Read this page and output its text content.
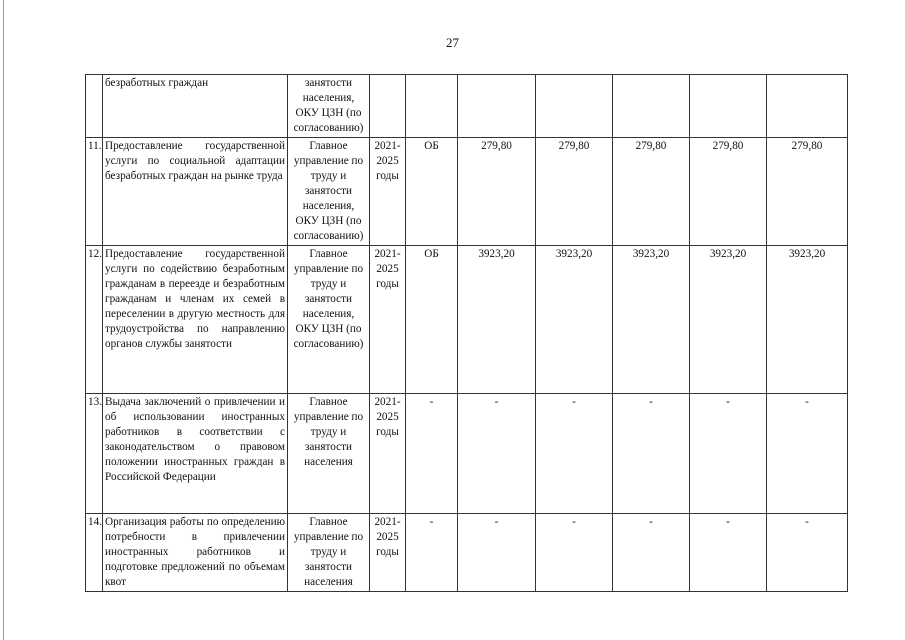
27
	безработных граждан	занятости населения, ОКУ ЦЗН (по согласованию)							
11.	Предоставление государственной услуги по социальной адаптации безработных граждан на рынке труда	Главное управление по труду и занятости населения, ОКУ ЦЗН (по согласованию)	2021-2025 годы	ОБ	279,80	279,80	279,80	279,80	279,80
12.	Предоставление государственной услуги по содействию безработным гражданам в переезде и безработным гражданам и членам их семей в переселении в другую местность для трудоустройства по направлению органов службы занятости	Главное управление по труду и занятости населения, ОКУ ЦЗН (по согласованию)	2021-2025 годы	ОБ	3923,20	3923,20	3923,20	3923,20	3923,20
13.	Выдача заключений о привлечении и об использовании иностранных работников в соответствии с законодательством о правовом положении иностранных граждан в Российской Федерации	Главное управление по труду и занятости населения	2021-2025 годы	-	-	-	-	-	-
14.	Организация работы по определению потребности в привлечении иностранных работников и подготовке предложений по объемам квот	Главное управление по труду и занятости населения	2021-2025 годы	-	-	-	-	-	-
